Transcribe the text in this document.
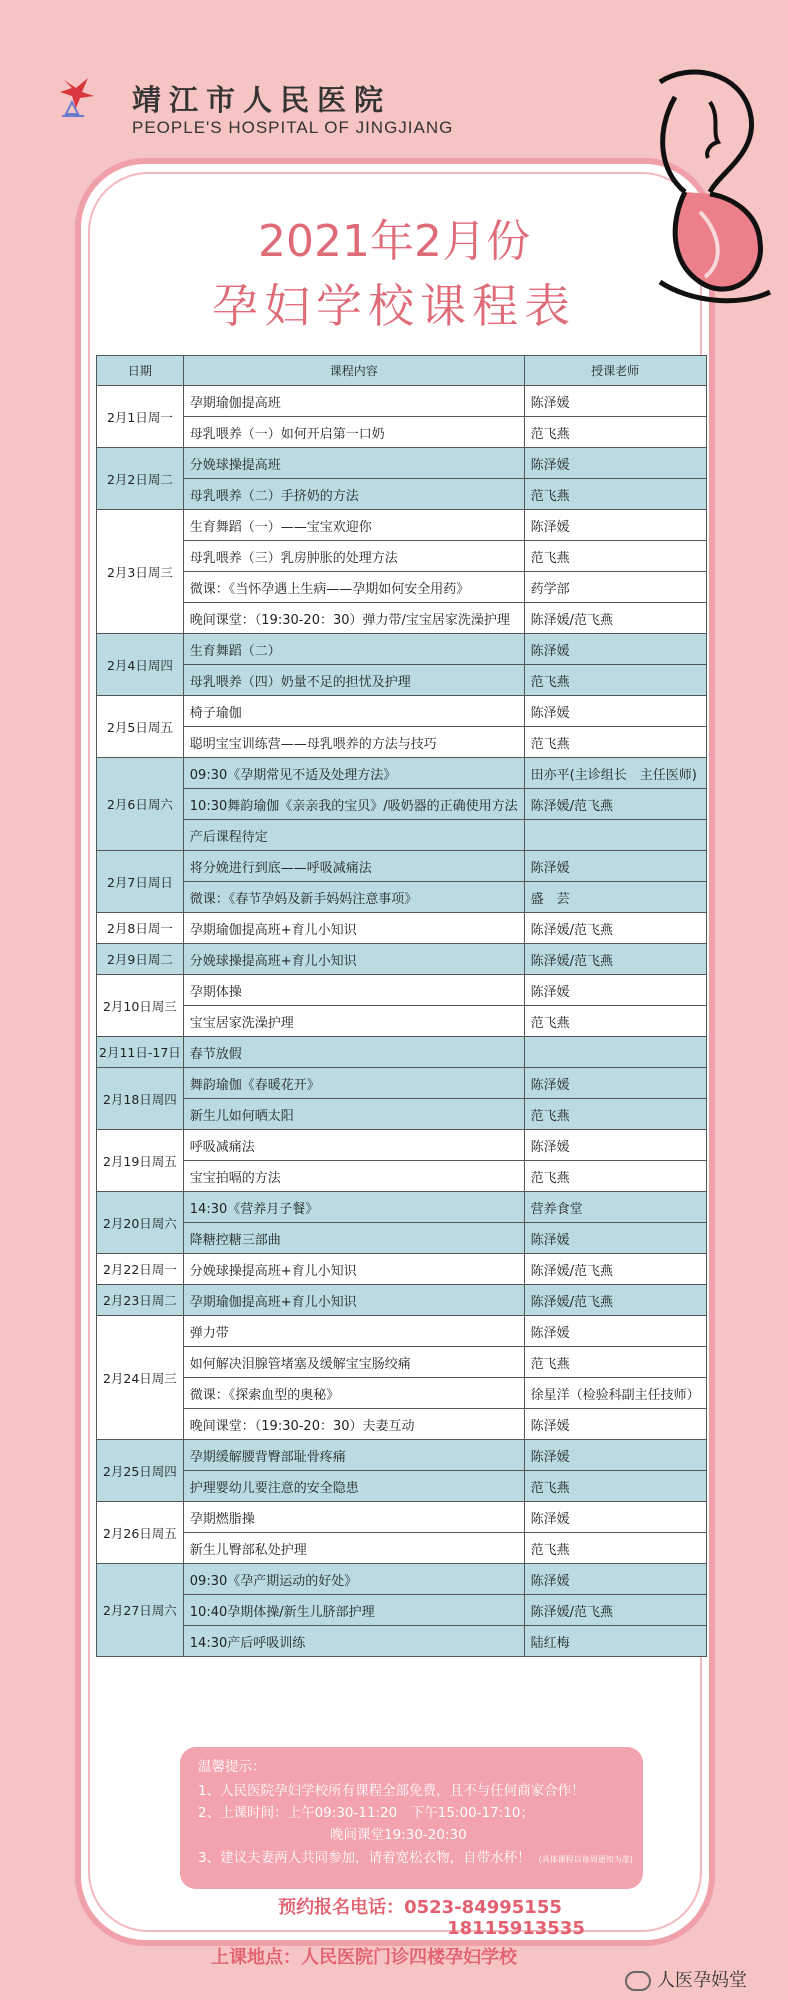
靖江市人民医院
PEOPLE'S HOSPITAL OF JINGJIANG
2021年2月份
孕妇学校课程表
日期	课程内容	授课老师
2月1日周一	孕期瑜伽提高班	陈泽媛
	母乳喂养（一）如何开启第一口奶	范飞燕
2月2日周二	分娩球操提高班	陈泽媛
	母乳喂养（二）手挤奶的方法	范飞燕
2月3日周三	生育舞蹈（一）——宝宝欢迎你	陈泽媛
	母乳喂养（三）乳房肿胀的处理方法	范飞燕
	微课：《当怀孕遇上生病——孕期如何安全用药》	药学部
	晚间课堂：（19:30-20：30）弹力带/宝宝居家洗澡护理	陈泽媛/范飞燕
2月4日周四	生育舞蹈（二）	陈泽媛
	母乳喂养（四）奶量不足的担忧及护理	范飞燕
2月5日周五	椅子瑜伽	陈泽媛
	聪明宝宝训练营——母乳喂养的方法与技巧	范飞燕
2月6日周六	09:30《孕期常见不适及处理方法》	田亦平(主诊组长　主任医师)
	10:30舞韵瑜伽《亲亲我的宝贝》/吸奶器的正确使用方法	陈泽媛/范飞燕
	产后课程待定	
2月7日周日	将分娩进行到底——呼吸减痛法	陈泽媛
	微课：《春节孕妈及新手妈妈注意事项》	盛　芸
2月8日周一	孕期瑜伽提高班+育儿小知识	陈泽媛/范飞燕
2月9日周二	分娩球操提高班+育儿小知识	陈泽媛/范飞燕
2月10日周三	孕期体操	陈泽媛
	宝宝居家洗澡护理	范飞燕
2月11日-17日	春节放假	
2月18日周四	舞韵瑜伽《春暖花开》	陈泽媛
	新生儿如何晒太阳	范飞燕
2月19日周五	呼吸减痛法	陈泽媛
	宝宝拍嗝的方法	范飞燕
2月20日周六	14:30《营养月子餐》	营养食堂
	降糖控糖三部曲	陈泽媛
2月22日周一	分娩球操提高班+育儿小知识	陈泽媛/范飞燕
2月23日周二	孕期瑜伽提高班+育儿小知识	陈泽媛/范飞燕
2月24日周三	弹力带	陈泽媛
	如何解决泪腺管堵塞及缓解宝宝肠绞痛	范飞燕
	微课：《探索血型的奥秘》	徐星洋（检验科副主任技师）
	晚间课堂：（19:30-20：30）夫妻互动	陈泽媛
2月25日周四	孕期缓解腰背臀部耻骨疼痛	陈泽媛
	护理婴幼儿要注意的安全隐患	范飞燕
2月26日周五	孕期燃脂操	陈泽媛
	新生儿臀部私处护理	范飞燕
2月27日周六	09:30《孕产期运动的好处》	陈泽媛
	10:40孕期体操/新生儿脐部护理	陈泽媛/范飞燕
	14:30产后呼吸训练	陆红梅
温馨提示：
1、人民医院孕妇学校所有课程全部免费，且不与任何商家合作！
2、上课时间：上午09:30-11:20　下午15:00-17:10；
晚间课堂19:30-20:30
3、建议夫妻两人共同参加，请着宽松衣物，自带水杯！ (具体课程以每周通知为准)
预约报名电话：0523-84995155
18115913535
上课地点：人民医院门诊四楼孕妇学校
人医孕妈堂
